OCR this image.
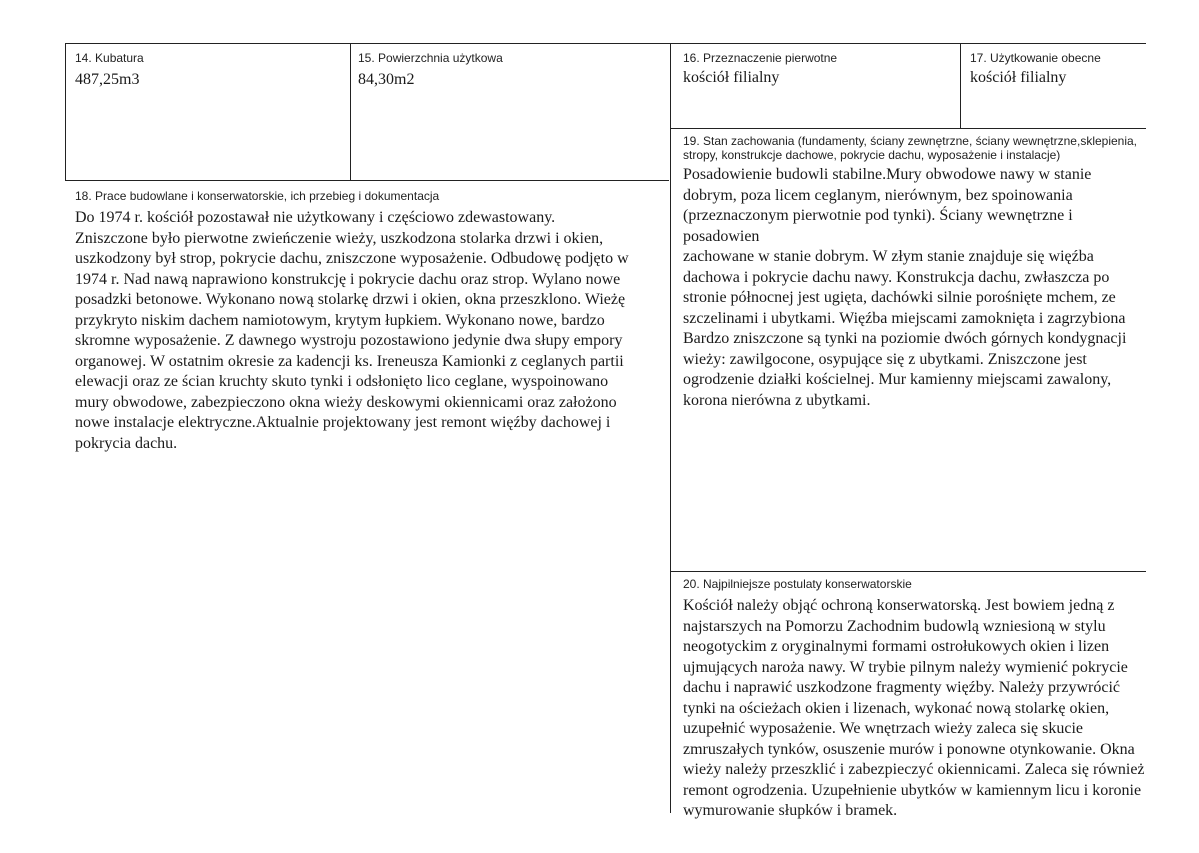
14. Kubatura
487,25m3
15. Powierzchnia użytkowa
84,30m2
16. Przeznaczenie pierwotne
kościół filialny
17. Użytkowanie obecne
kościół filialny
18. Prace budowlane i konserwatorskie, ich przebieg i dokumentacja
Do 1974 r. kościół pozostawał nie użytkowany i częściowo zdewastowany.
Zniszczone było pierwotne zwieńczenie wieży, uszkodzona stolarka drzwi i okien,
uszkodzony był strop, pokrycie dachu, zniszczone wyposażenie. Odbudowę podjęto w
1974 r. Nad nawą naprawiono konstrukcję i pokrycie dachu oraz strop. Wylano nowe
posadzki betonowe. Wykonano nową stolarkę drzwi i okien, okna przeszklono. Wieżę
przykryto niskim dachem namiotowym, krytym łupkiem. Wykonano nowe, bardzo
skromne wyposażenie. Z dawnego wystroju pozostawiono jedynie dwa słupy empory
organowej. W ostatnim okresie za kadencji ks. Ireneusza Kamionki z ceglanych partii
elewacji oraz ze ścian kruchty skuto tynki i odsłonięto lico ceglane, wyspoinowano
mury obwodowe, zabezpieczono okna wieży deskowymi okiennicami oraz założono
nowe instalacje elektryczne.Aktualnie projektowany jest remont więźby dachowej i
pokrycia dachu.
19. Stan zachowania (fundamenty, ściany zewnętrzne, ściany wewnętrzne,sklepienia,
stropy, konstrukcje dachowe, pokrycie dachu, wyposażenie i instalacje)
Posadowienie budowli stabilne.Mury obwodowe nawy w stanie
dobrym, poza licem ceglanym, nierównym, bez spoinowania
(przeznaczonym pierwotnie pod tynki). Ściany wewnętrzne i posadowien
zachowane w stanie dobrym. W złym stanie znajduje się więźba
dachowa i pokrycie dachu nawy. Konstrukcja dachu, zwłaszcza po
stronie północnej jest ugięta, dachówki silnie porośnięte mchem, ze
szczelinami i ubytkami. Więźba miejscami zamoknięta i zagrzybiona
Bardzo zniszczone są tynki na poziomie dwóch górnych kondygnacji
wieży: zawilgocone, osypujące się z ubytkami. Zniszczone jest
ogrodzenie działki kościelnej. Mur kamienny miejscami zawalony,
korona nierówna z ubytkami.
20. Najpilniejsze postulaty konserwatorskie
Kościół należy objąć ochroną konserwatorską. Jest bowiem jedną z
najstarszych na Pomorzu Zachodnim budowlą wzniesioną w stylu
neogotyckim z oryginalnymi formami ostrołukowych okien i lizen
ujmujących naroża nawy. W trybie pilnym należy wymienić pokrycie
dachu i naprawić uszkodzone fragmenty więźby. Należy przywrócić
tynki na ościeżach okien i lizenach, wykonać nową stolarkę okien,
uzupełnić wyposażenie. We wnętrzach wieży zaleca się skucie
zmruszałych tynków, osuszenie murów i ponowne otynkowanie. Okna
wieży należy przeszklić i zabezpieczyć okiennicami. Zaleca się również
remont ogrodzenia. Uzupełnienie ubytków w kamiennym licu i koronie
wymurowanie słupków i bramek.
